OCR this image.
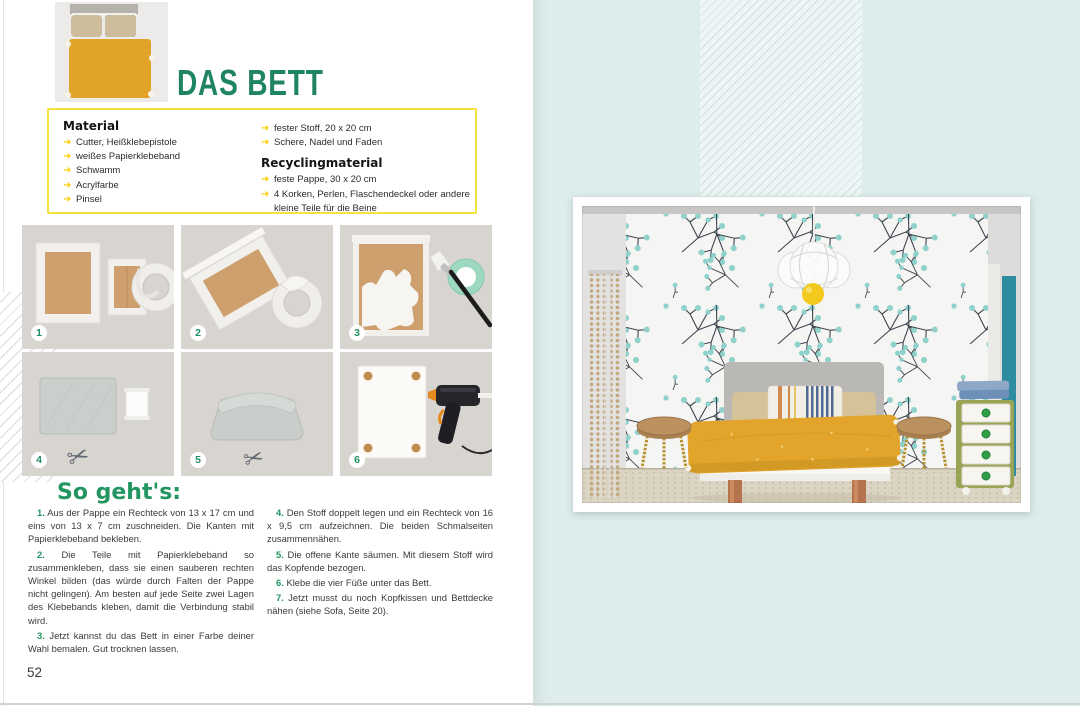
DAS BETT
Material
➜ Cutter, Heißklebepistole
➜ weißes Papierklebeband
➜ Schwamm
➜ Acrylfarbe
➜ Pinsel
➜ fester Stoff, 20 x 20 cm
➜ Schere, Nadel und Faden
Recyclingmaterial
➜ feste Pappe, 30 x 20 cm
➜ 4 Korken, Perlen, Flaschendeckel oder andere kleine Teile für die Beine
1	2	3
✂
4	✂
5	6
So geht's:

1. Aus der Pappe ein Rechteck von 13 x 17 cm und eins von 13 x 7 cm zuschneiden. Die Kanten mit Papierklebeband bekleben.

2. Die Teile mit Papierklebeband so zusammenkleben, dass sie einen sauberen rechten Winkel bilden (das würde durch Falten der Pappe nicht gelingen). Am besten auf jede Seite zwei Lagen des Klebebands kleben, damit die Verbindung stabil wird.

3. Jetzt kannst du das Bett in einer Farbe deiner Wahl bemalen. Gut trocknen lassen.

4. Den Stoff doppelt legen und ein Rechteck von 16 x 9,5 cm aufzeichnen. Die beiden Schmalseiten zusammennähen.

5. Die offene Kante säumen. Mit diesem Stoff wird das Kopfende bezogen.

6. Klebe die vier Füße unter das Bett.

7. Jetzt musst du noch Kopfkissen und Bettdecke nähen (siehe Sofa, Seite 20).

52
